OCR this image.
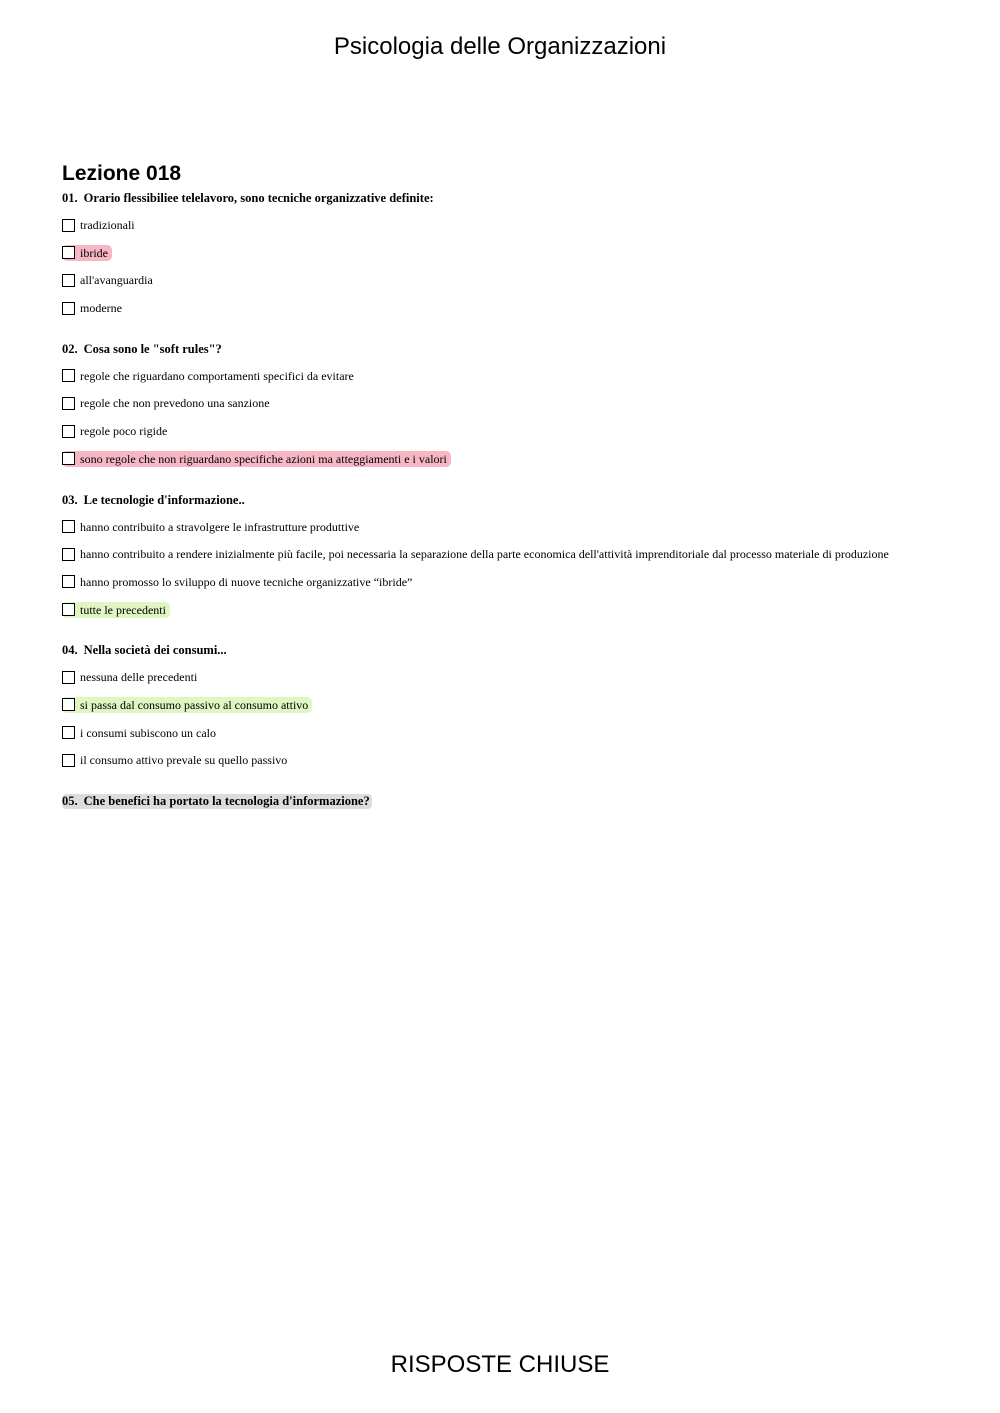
Psicologia delle Organizzazioni
Lezione 018
01. Orario flessibiliee telelavoro, sono tecniche organizzative definite:
tradizionali
ibride
all'avanguardia
moderne
02. Cosa sono le "soft rules"?
regole che riguardano comportamenti specifici da evitare
regole che non prevedono una sanzione
regole poco rigide
sono regole che non riguardano specifiche azioni ma atteggiamenti e i valori
03. Le tecnologie d'informazione..
hanno contribuito a stravolgere le infrastrutture produttive
hanno contribuito a rendere inizialmente più facile, poi necessaria la separazione della parte economica dell'attività imprenditoriale dal processo materiale di produzione
hanno promosso lo sviluppo di nuove tecniche organizzative “ibride”
tutte le precedenti
04. Nella società dei consumi...
nessuna delle precedenti
si passa dal consumo passivo al consumo attivo
i consumi subiscono un calo
il consumo attivo prevale su quello passivo
05. Che benefici ha portato la tecnologia d'informazione?
RISPOSTE CHIUSE
